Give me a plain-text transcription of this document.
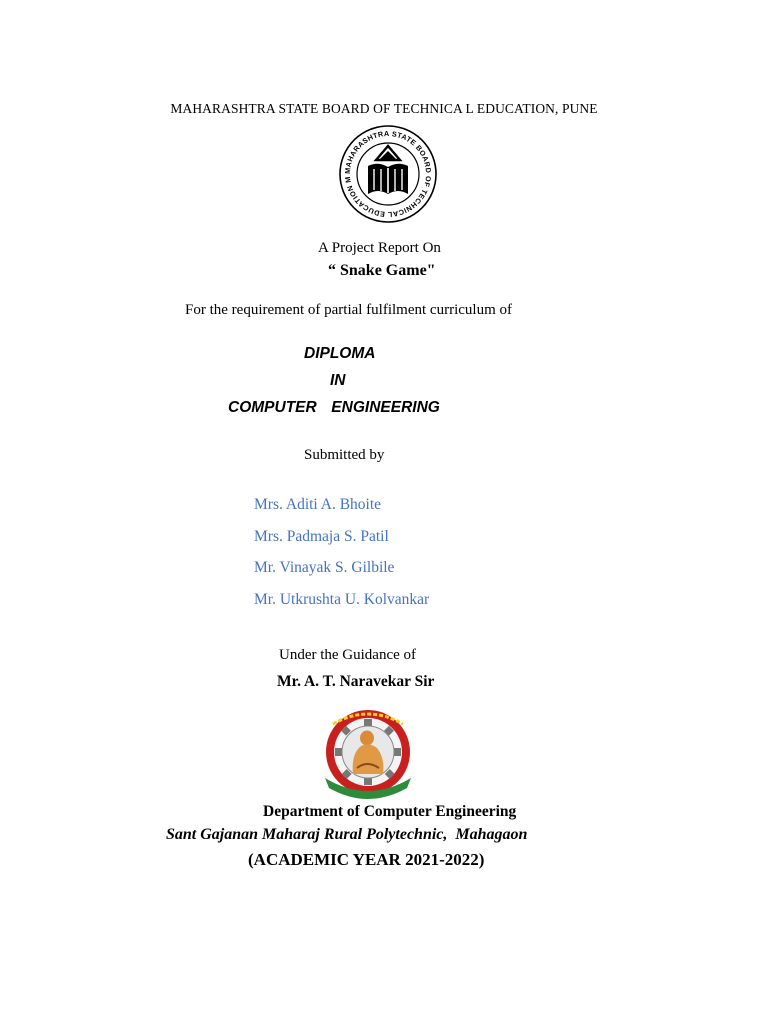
MAHARASHTRA STATE BOARD OF TECHNICA L EDUCATION, PUNE
MAHARASHTRA STATE BOARD OF TECHNICAL EDUCATION M
A Project Report On
“ Snake Game"
For the requirement of partial fulfilment curriculum of
DIPLOMA
IN
COMPUTER  ENGINEERING
Submitted by
Mrs. Aditi A. Bhoite
Mrs. Padmaja S. Patil
Mr. Vinayak S. Gilbile
Mr. Utkrushta U. Kolvankar
Under the Guidance of
Mr. A. T. Naravekar Sir
Department of Computer Engineering
Sant Gajanan Maharaj Rural Polytechnic,  Mahagaon
(ACADEMIC YEAR 2021-2022)
